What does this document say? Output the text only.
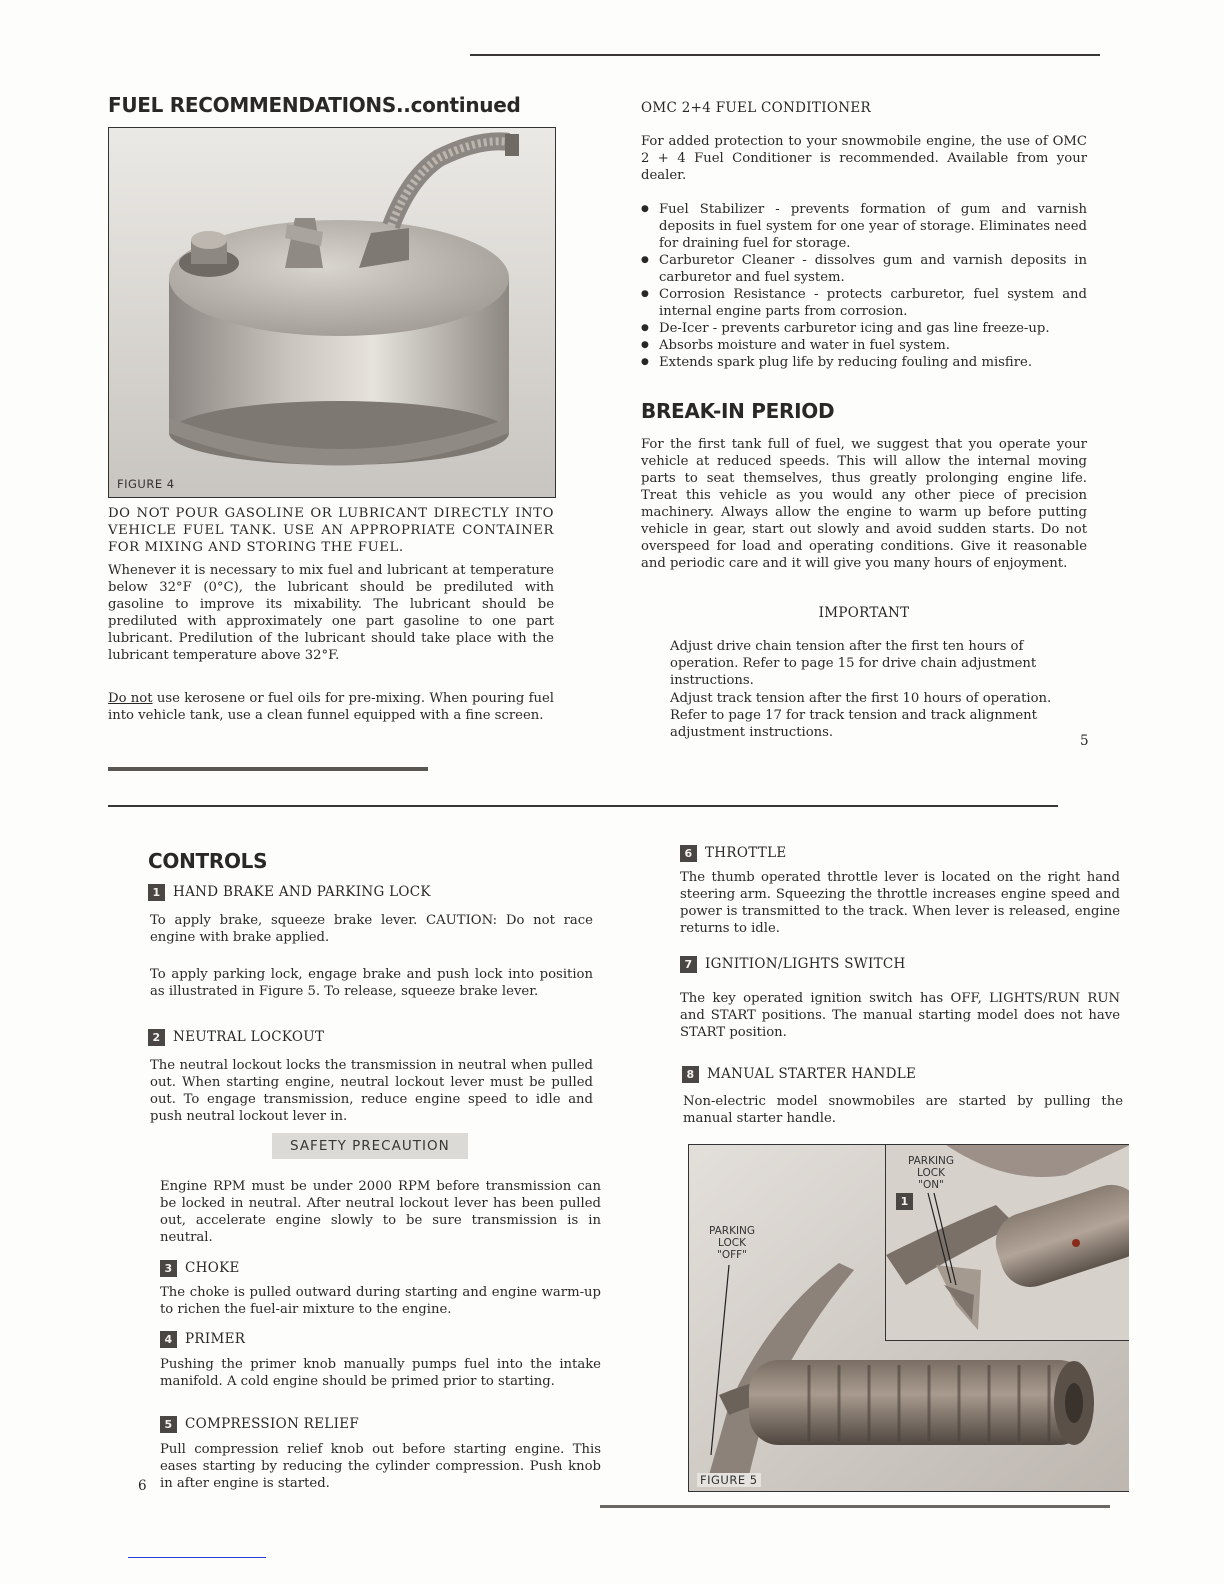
FUEL RECOMMENDATIONS..continued
FIGURE 4
DO NOT POUR GASOLINE OR LUBRICANT DIRECTLY INTO VEHICLE FUEL TANK. USE AN APPROPRIATE CONTAINER FOR MIXING AND STORING THE FUEL.

Whenever it is necessary to mix fuel and lubricant at temperature below 32°F (0°C), the lubricant should be prediluted with gasoline to improve its mixability. The lubricant should be prediluted with approximately one part gasoline to one part lubricant. Predilution of the lubricant should take place with the lubricant temperature above 32°F.

Do not use kerosene or fuel oils for pre-mixing. When pouring fuel into vehicle tank, use a clean funnel equipped with a fine screen.

OMC 2+4 FUEL CONDITIONER

For added protection to your snowmobile engine, the use of OMC 2 + 4 Fuel Conditioner is recommended. Available from your dealer.

● Fuel Stabilizer - prevents formation of gum and varnish deposits in fuel system for one year of storage. Eliminates need for draining fuel for storage.
● Carburetor Cleaner - dissolves gum and varnish deposits in carburetor and fuel system.
● Corrosion Resistance - protects carburetor, fuel system and internal engine parts from corrosion.
● De-Icer - prevents carburetor icing and gas line freeze-up.
● Absorbs moisture and water in fuel system.
● Extends spark plug life by reducing fouling and misfire.
BREAK-IN PERIOD

For the first tank full of fuel, we suggest that you operate your vehicle at reduced speeds. This will allow the internal moving parts to seat themselves, thus greatly prolonging engine life. Treat this vehicle as you would any other piece of precision machinery. Always allow the engine to warm up before putting vehicle in gear, start out slowly and avoid sudden starts. Do not overspeed for load and operating conditions. Give it reasonable and periodic care and it will give you many hours of enjoyment.

IMPORTANT

Adjust drive chain tension after the first ten hours of operation. Refer to page 15 for drive chain adjustment instructions.

Adjust track tension after the first 10 hours of operation. Refer to page 17 for track tension and track alignment adjustment instructions.

5
CONTROLS
1 HAND BRAKE AND PARKING LOCK

To apply brake, squeeze brake lever. CAUTION: Do not race engine with brake applied.

To apply parking lock, engage brake and push lock into position as illustrated in Figure 5. To release, squeeze brake lever.

2 NEUTRAL LOCKOUT

The neutral lockout locks the transmission in neutral when pulled out. When starting engine, neutral lockout lever must be pulled out. To engage transmission, reduce engine speed to idle and push neutral lockout lever in.

SAFETY PRECAUTION

Engine RPM must be under 2000 RPM before transmission can be locked in neutral. After neutral lockout lever has been pulled out, accelerate engine slowly to be sure transmission is in neutral.

3 CHOKE

The choke is pulled outward during starting and engine warm-up to richen the fuel-air mixture to the engine.

4 PRIMER

Pushing the primer knob manually pumps fuel into the intake manifold. A cold engine should be primed prior to starting.

5 COMPRESSION RELIEF

Pull compression relief knob out before starting engine. This eases starting by reducing the cylinder compression. Push knob in after engine is started.

6
6 THROTTLE

The thumb operated throttle lever is located on the right hand steering arm. Squeezing the throttle increases engine speed and power is transmitted to the track. When lever is released, engine returns to idle.

7 IGNITION/LIGHTS SWITCH

The key operated ignition switch has OFF, LIGHTS/RUN RUN and START positions. The manual starting model does not have START position.

8 MANUAL STARTER HANDLE

Non-electric model snowmobiles are started by pulling the manual starter handle.

PARKING
LOCK
"ON"
1
PARKING
LOCK
"OFF"
FIGURE 5
